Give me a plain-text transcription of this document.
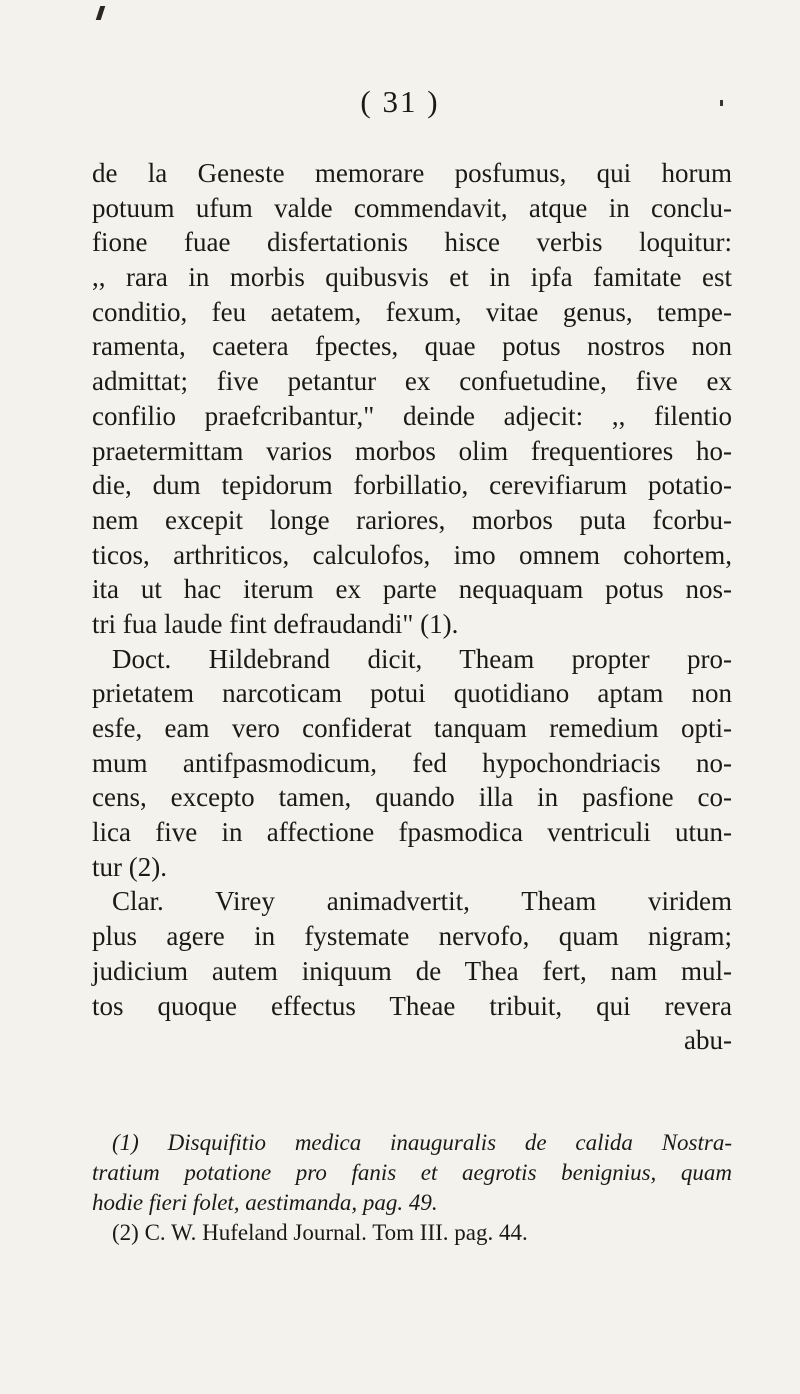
( 31 )
de la Geneste memorare posfumus, qui horum
potuum ufum valde commendavit, atque in conclu-
fione fuae disfertationis hisce verbis loquitur:
,, rara in morbis quibusvis et in ipfa famitate est
conditio, feu aetatem, fexum, vitae genus, tempe-
ramenta, caetera fpectes, quae potus nostros non
admittat; five petantur ex confuetudine, five ex
confilio praefcribantur," deinde adjecit: ,, filentio
praetermittam varios morbos olim frequentiores ho-
die, dum tepidorum forbillatio, cerevifiarum potatio-
nem excepit longe rariores, morbos puta fcorbu-
ticos, arthriticos, calculofos, imo omnem cohortem,
ita ut hac iterum ex parte nequaquam potus nos-
tri fua laude fint defraudandi" (1).
Doct. Hildebrand dicit, Theam propter pro-
prietatem narcoticam potui quotidiano aptam non
esfe, eam vero confiderat tanquam remedium opti-
mum antifpasmodicum, fed hypochondriacis no-
cens, excepto tamen, quando illa in pasfione co-
lica five in affectione fpasmodica ventriculi utun-
tur (2).
Clar. Virey animadvertit, Theam viridem
plus agere in fystemate nervofo, quam nigram;
judicium autem iniquum de Thea fert, nam mul-
tos quoque effectus Theae tribuit, qui revera
abu-
(1) Disquifitio medica inauguralis de calida Nostra-
tratium potatione pro fanis et aegrotis benignius, quam
hodie fieri folet, aestimanda, pag. 49.
(2) C. W. Hufeland Journal. Tom III. pag. 44.
